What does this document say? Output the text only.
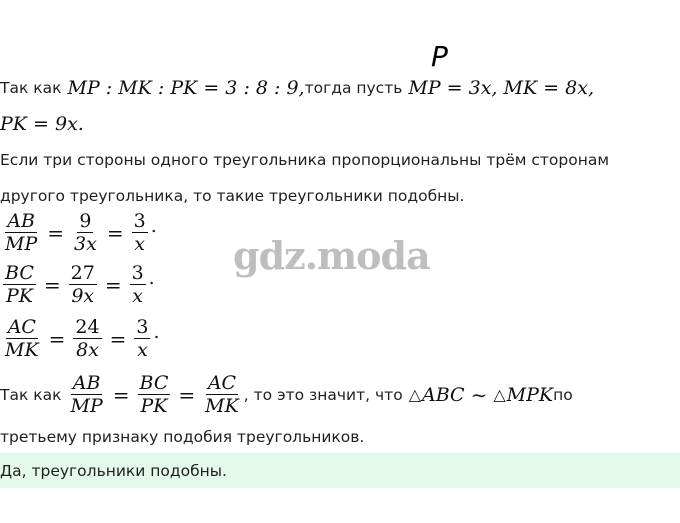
P
Так как MP : MK : PK = 3 : 8 : 9, тогда пусть MP = 3x, MK = 8x,
PK = 9x.
Если три стороны одного треугольника пропорциональны трём сторонам
другого треугольника, то такие треугольники подобны.
$\frac{AB}{MP} = \frac{9}{3x} = \frac{3}{x}$ .
$\frac{BC}{PK} = \frac{27}{9x} = \frac{3}{x}$ .
$\frac{AC}{MK} = \frac{24}{8x} = \frac{3}{x}$ .
gdz.moda
Так как $\frac{AB}{MP} = \frac{BC}{PK} = \frac{AC}{MK}$ , то это значит, что △ ABC ∼ △ MPK по
третьему признаку подобия треугольников.
Да, треугольники подобны.
